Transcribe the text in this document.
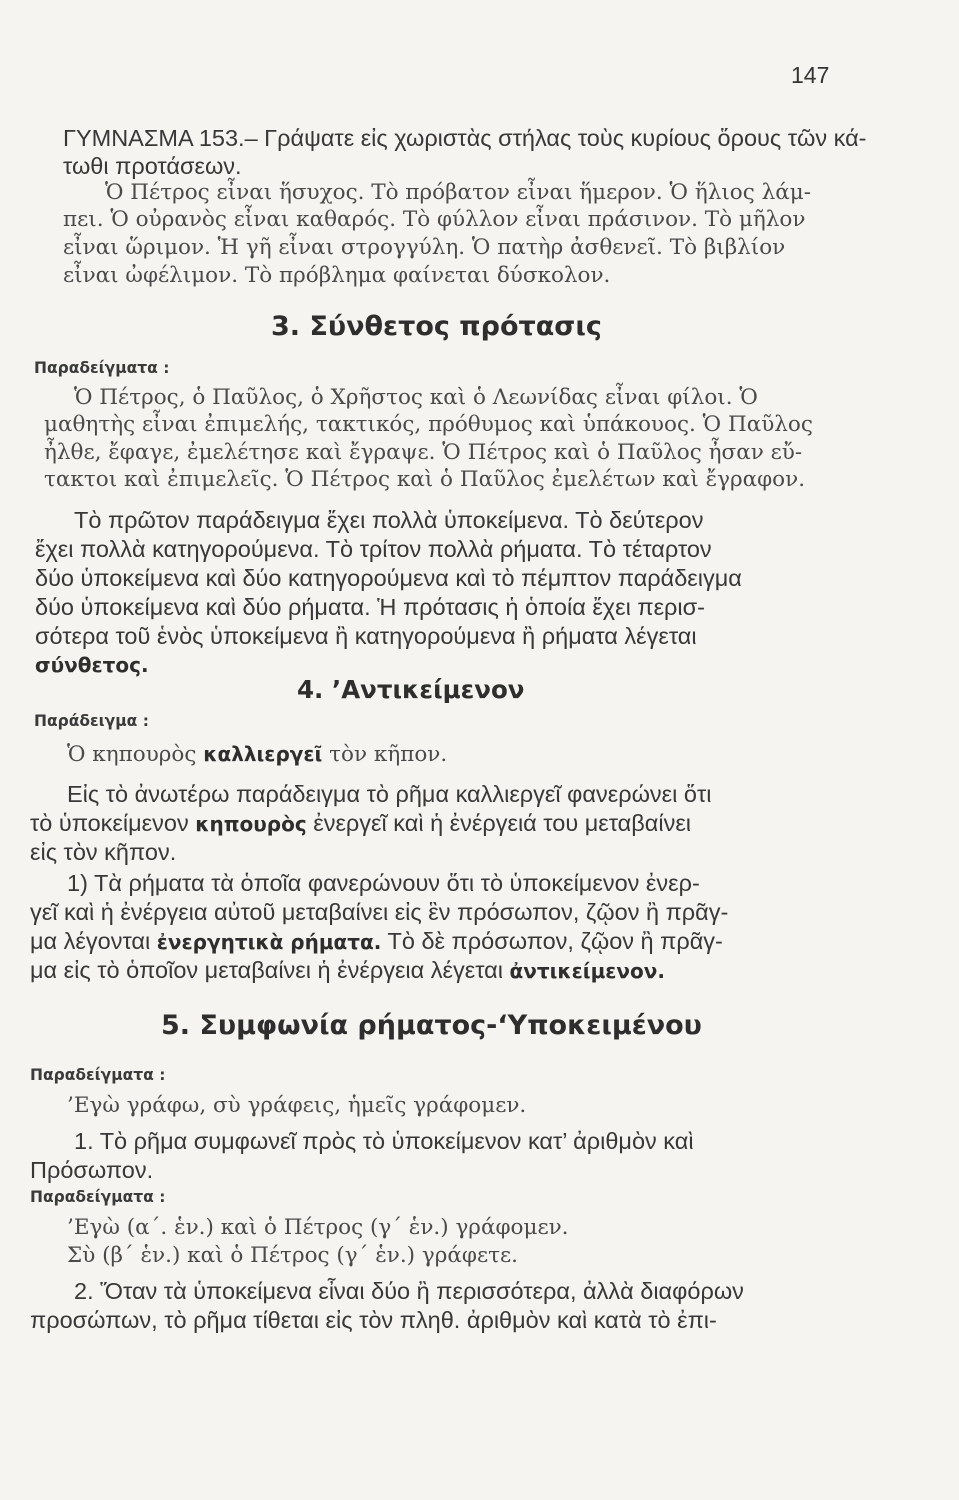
147
ΓΥΜΝΑΣΜΑ 153.– Γράψατε εἰς χωριστὰς στήλας τοὺς κυρίους ὅρους τῶν κά-
τωθι προτάσεων.
Ὁ Πέτρος εἶναι ἥσυχος. Τὸ πρόβατον εἶναι ἥμερον. Ὁ ἥλιος λάμ-
πει. Ὁ οὐρανὸς εἶναι καθαρός. Τὸ φύλλον εἶναι πράσινον. Τὸ μῆλον
εἶναι ὥριμον. Ἡ γῆ εἶναι στρογγύλη. Ὁ πατὴρ ἀσθενεῖ. Τὸ βιβλίον
εἶναι ὠφέλιμον. Τὸ πρόβλημα φαίνεται δύσκολον.
3. Σύνθετος πρότασις
Παραδείγματα :
Ὁ Πέτρος, ὁ Παῦλος, ὁ Χρῆστος καὶ ὁ Λεωνίδας εἶναι φίλοι. Ὁ
μαθητὴς εἶναι ἐπιμελής, τακτικός, πρόθυμος καὶ ὑπάκουος. Ὁ Παῦλος
ἦλθε, ἔφαγε, ἐμελέτησε καὶ ἔγραψε. Ὁ Πέτρος καὶ ὁ Παῦλος ἦσαν εὔ-
τακτοι καὶ ἐπιμελεῖς. Ὁ Πέτρος καὶ ὁ Παῦλος ἐμελέτων καὶ ἔγραφον.
Τὸ πρῶτον παράδειγμα ἔχει πολλὰ ὑποκείμενα. Τὸ δεύτερον
ἔχει πολλὰ κατηγορούμενα. Τὸ τρίτον πολλὰ ρήματα. Τὸ τέταρτον
δύο ὑποκείμενα καὶ δύο κατηγορούμενα καὶ τὸ πέμπτον παράδειγμα
δύο ὑποκείμενα καὶ δύο ρήματα. Ἡ πρότασις ἡ ὁποία ἔχει περισ-
σότερα τοῦ ἑνὸς ὑποκείμενα ἢ κατηγορούμενα ἢ ρήματα λέγεται
σύνθετος.
4. ’Αντικείμενον
Παράδειγμα :
Ὁ κηπουρὸς καλλιεργεῖ τὸν κῆπον.
Εἰς τὸ ἀνωτέρω παράδειγμα τὸ ρῆμα καλλιεργεῖ φανερώνει ὅτι
τὸ ὑποκείμενον κηπουρὸς ἐνεργεῖ καὶ ἡ ἐνέργειά του μεταβαίνει
εἰς τὸν κῆπον.
1) Τὰ ρήματα τὰ ὁποῖα φανερώνουν ὅτι τὸ ὑποκείμενον ἐνερ-
γεῖ καὶ ἡ ἐνέργεια αὐτοῦ μεταβαίνει εἰς ἓν πρόσωπον, ζῷον ἢ πρᾶγ-
μα λέγονται ἐνεργητικὰ ρήματα. Τὸ δὲ πρόσωπον, ζῷον ἢ πρᾶγ-
μα εἰς τὸ ὁποῖον μεταβαίνει ἡ ἐνέργεια λέγεται ἀντικείμενον.
5. Συμφωνία ρήματος-‘Υποκειμένου
Παραδείγματα :
’Εγὼ γράφω, σὺ γράφεις, ἡμεῖς γράφομεν.
1. Τὸ ρῆμα συμφωνεῖ πρὸς τὸ ὑποκείμενον κατ’ ἀριθμὸν καὶ
Πρόσωπον.
Παραδείγματα :
’Εγὼ (α΄. ἑν.) καὶ ὁ Πέτρος (γ΄ ἑν.) γράφομεν.
Σὺ (β΄ ἑν.) καὶ ὁ Πέτρος (γ΄ ἑν.) γράφετε.
2. Ὅταν τὰ ὑποκείμενα εἶναι δύο ἢ περισσότερα, ἀλλὰ διαφόρων
προσώπων, τὸ ρῆμα τίθεται εἰς τὸν πληθ. ἀριθμὸν καὶ κατὰ τὸ ἐπι-
